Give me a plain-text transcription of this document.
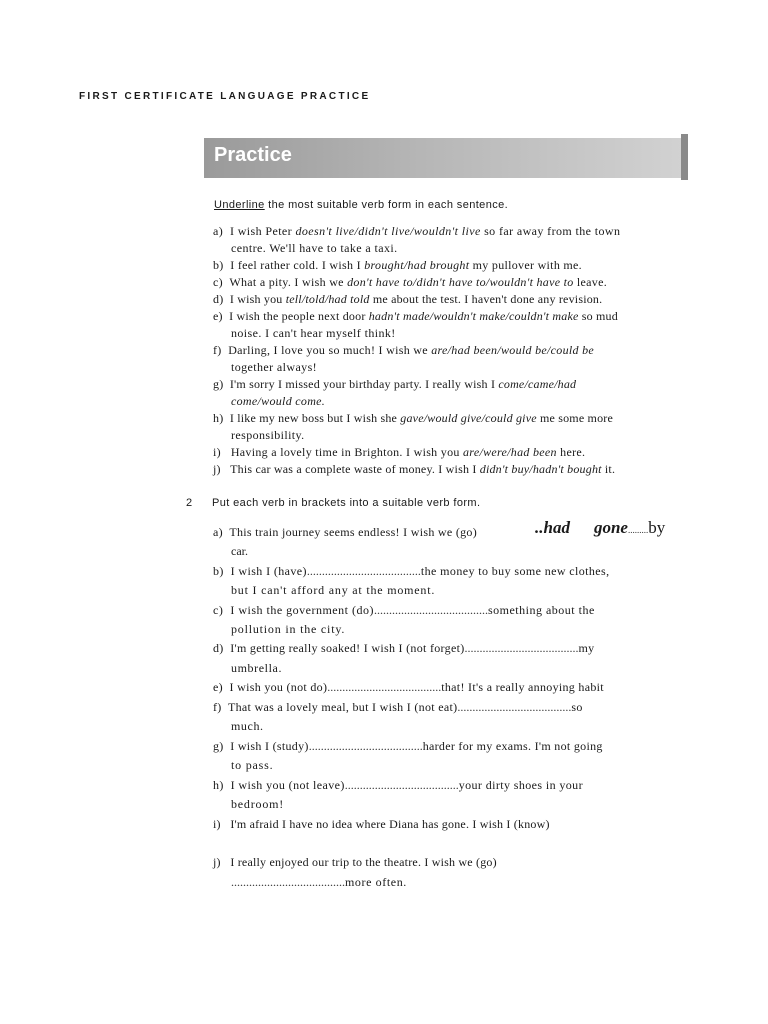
FIRST CERTIFICATE LANGUAGE PRACTICE
Practice
Underline the most suitable verb form in each sentence.
a) I wish Peter doesn't live/didn't live/wouldn't live so far away from the town
centre. We'll have to take a taxi.
b) I feel rather cold. I wish I brought/had brought my pullover with me.
c) What a pity. I wish we don't have to/didn't have to/wouldn't have to leave.
d) I wish you tell/told/had told me about the test. I haven't done any revision.
e) I wish the people next door hadn't made/wouldn't make/couldn't make so mud
noise. I can't hear myself think!
f) Darling, I love you so much! I wish we are/had been/would be/could be
together always!
g) I'm sorry I missed your birthday party. I really wish I come/came/had
come/would come.
h) I like my new boss but I wish she gave/would give/could give me some more
responsibility.
i) Having a lovely time in Brighton. I wish you are/were/had been here.
j) This car was a complete waste of money. I wish I didn't buy/hadn't bought it.
2 Put each verb in brackets into a suitable verb form.
a) This train journey seems endless! I wish we (go)	..had gone.........by
car.
b) I wish I (have)......................................the money to buy some new clothes,
but I can't afford any at the moment.
c) I wish the government (do)......................................something about the
pollution in the city.
d) I'm getting really soaked! I wish I (not forget)......................................my
umbrella.
e) I wish you (not do)......................................that! It's a really annoying habit
f) That was a lovely meal, but I wish I (not eat)......................................so
much.
g) I wish I (study)......................................harder for my exams. I'm not going
to pass.
h) I wish you (not leave)......................................your dirty shoes in your
bedroom!
i) I'm afraid I have no idea where Diana has gone. I wish I (know)
j) I really enjoyed our trip to the theatre. I wish we (go)
......................................more often.
